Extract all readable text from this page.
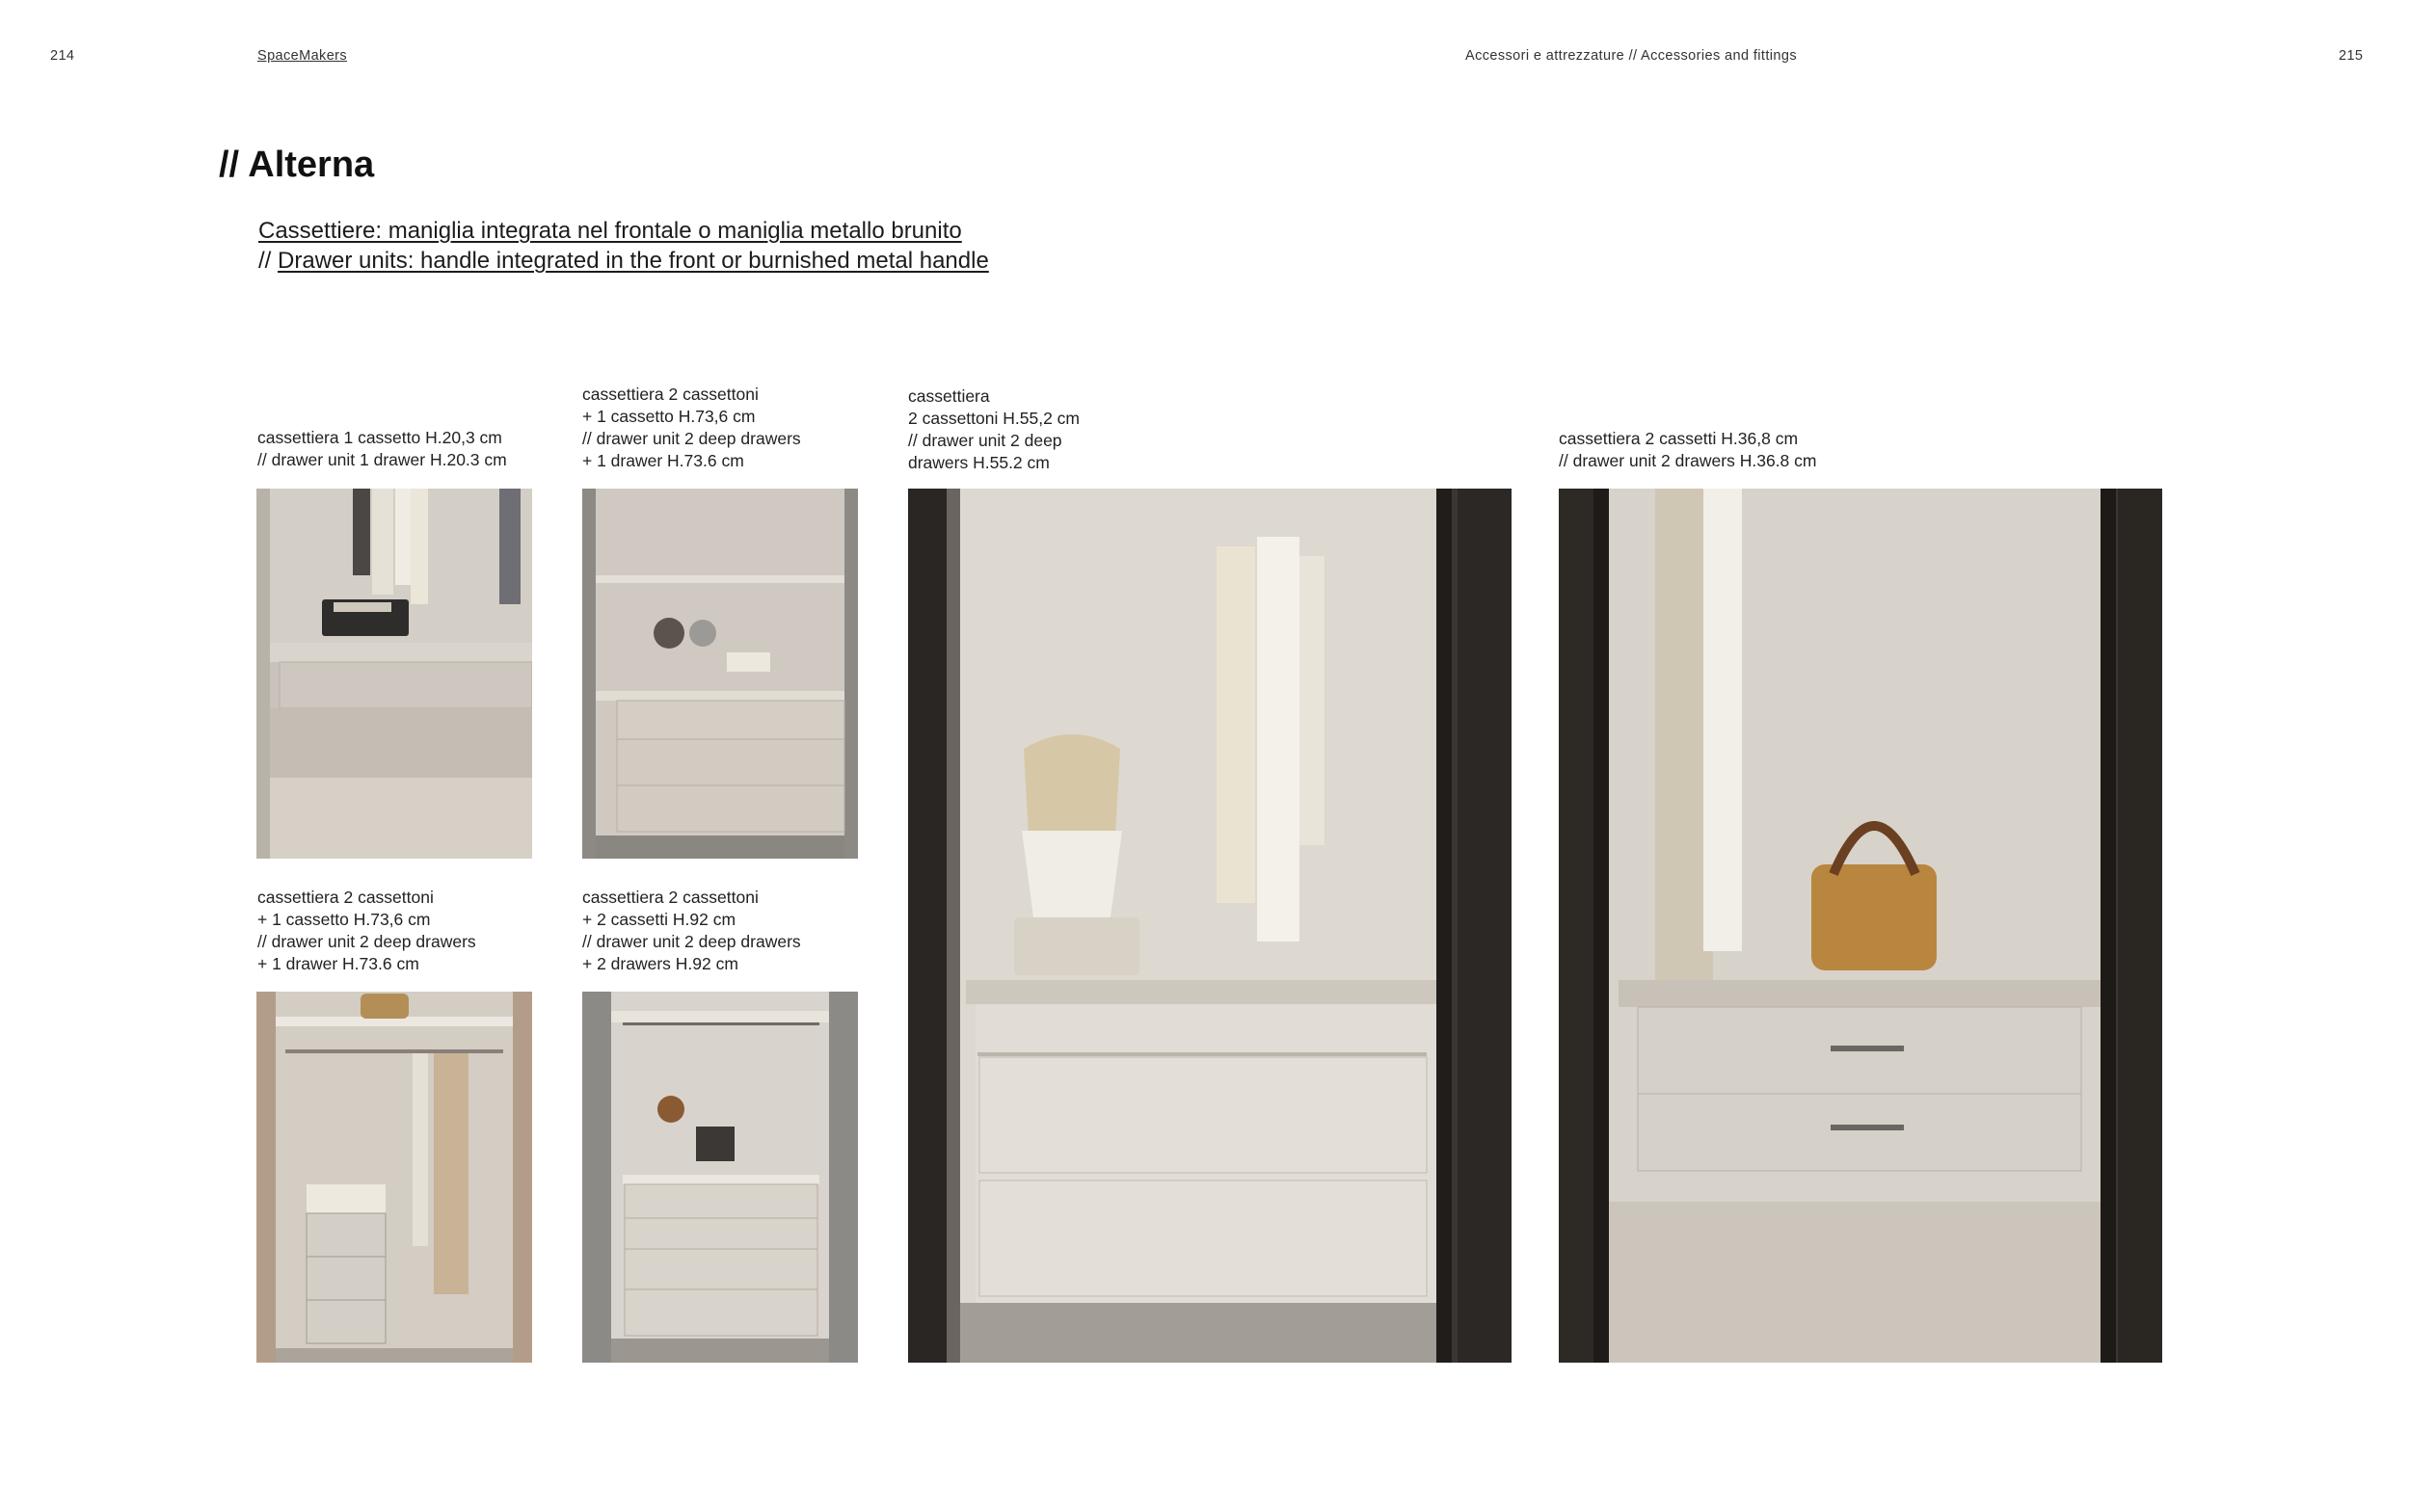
214	SpaceMakers	Accessori e attrezzature // Accessories and fittings	215
// Alterna
Cassettiere: maniglia integrata nel frontale o maniglia metallo brunito
// Drawer units: handle integrated in the front or burnished metal handle
cassettiera 1 cassetto H.20,3 cm
// drawer unit 1 drawer H.20.3 cm
cassettiera 2 cassettoni
+ 1 cassetto H.73,6 cm
// drawer unit 2 deep drawers
+ 1 drawer H.73.6 cm
cassettiera
2 cassettoni H.55,2 cm
// drawer unit 2 deep
drawers H.55.2 cm
cassettiera 2 cassetti H.36,8 cm
// drawer unit 2 drawers H.36.8 cm
cassettiera 2 cassettoni
+ 1 cassetto H.73,6 cm
// drawer unit 2 deep drawers
+ 1 drawer H.73.6 cm
cassettiera 2 cassettoni
+ 2 cassetti H.92 cm
// drawer unit 2 deep drawers
+ 2 drawers H.92 cm
